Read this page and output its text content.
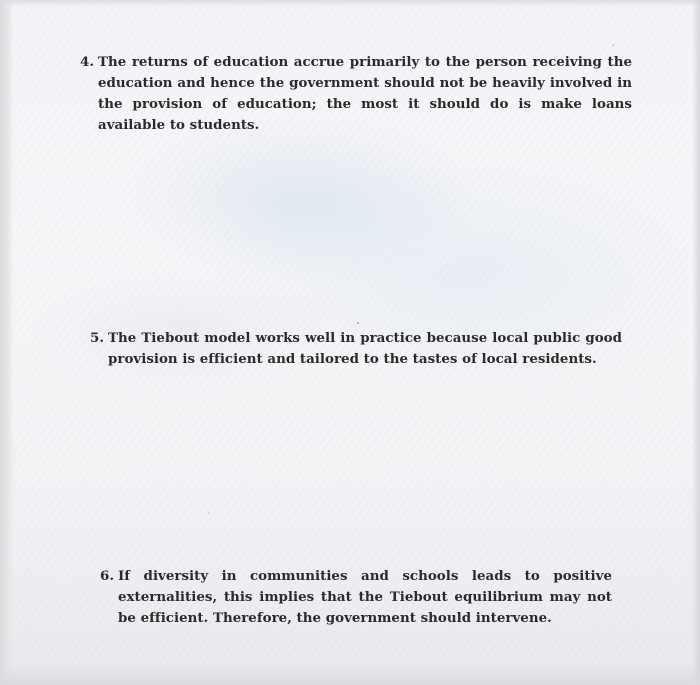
4. The returns of education accrue primarily to the person receiving the education and hence the government should not be heavily involved in the provision of education; the most it should do is make loans available to students.
5. The Tiebout model works well in practice because local public good provision is efficient and tailored to the tastes of local residents.
6. If diversity in communities and schools leads to positive externalities, this implies that the Tiebout equilibrium may not be efficient. Therefore, the government should intervene.
